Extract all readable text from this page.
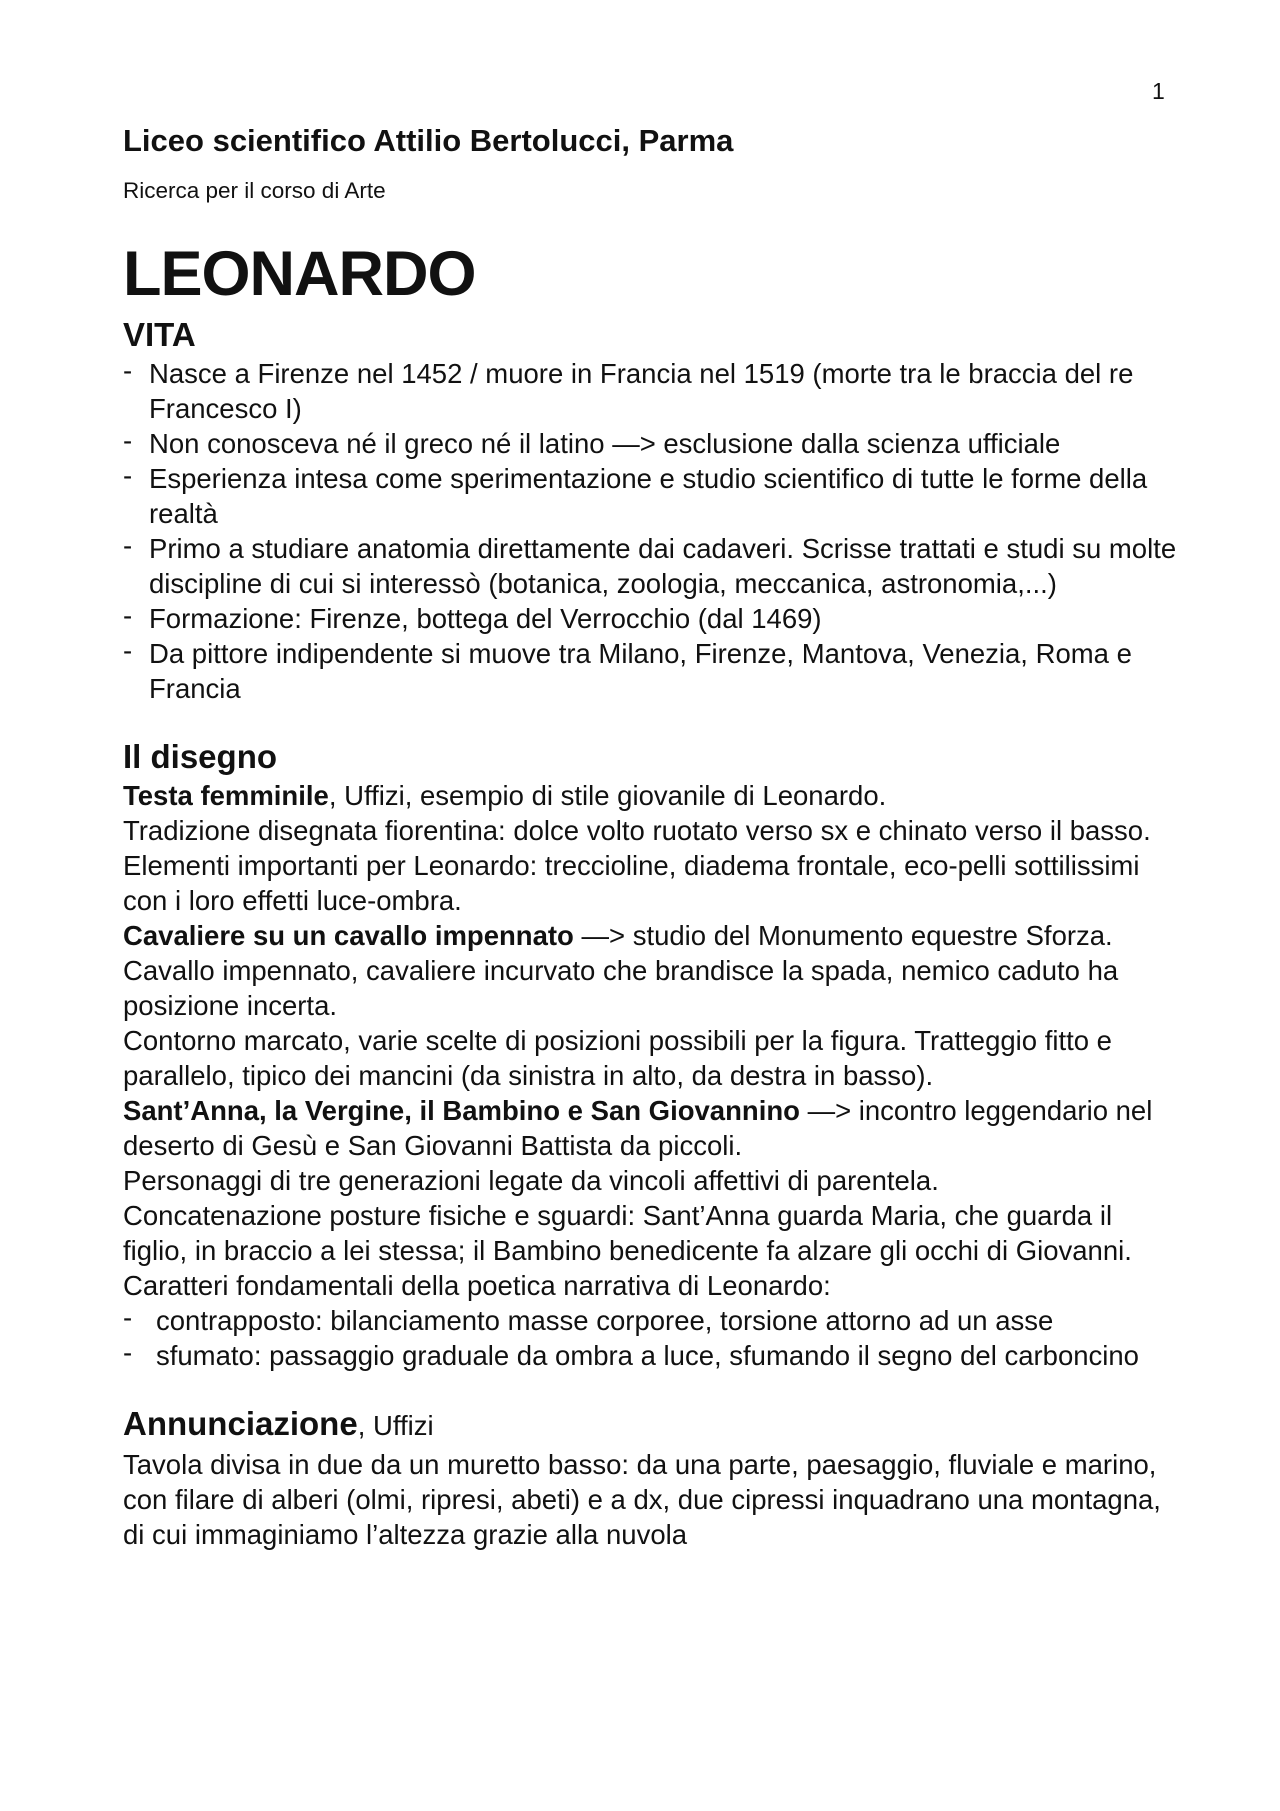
1

Liceo scientifico Attilio Bertolucci, Parma

Ricerca per il corso di Arte

LEONARDO
VITA
- Nasce a Firenze nel 1452 / muore in Francia nel 1519 (morte tra le braccia del re Francesco I)
- Non conosceva né il greco né il latino —> esclusione dalla scienza ufficiale
- Esperienza intesa come sperimentazione e studio scientifico di tutte le forme della realtà
- Primo a studiare anatomia direttamente dai cadaveri. Scrisse trattati e studi su molte discipline di cui si interessò (botanica, zoologia, meccanica, astronomia,...)
- Formazione: Firenze, bottega del Verrocchio (dal 1469)
- Da pittore indipendente si muove tra Milano, Firenze, Mantova, Venezia, Roma e Francia
Il disegno

Testa femminile, Uffizi, esempio di stile giovanile di Leonardo.

Tradizione disegnata fiorentina: dolce volto ruotato verso sx e chinato verso il basso. Elementi importanti per Leonardo: treccioline, diadema frontale, eco-pelli sottilissimi con i loro effetti luce-ombra.

Cavaliere su un cavallo impennato —> studio del Monumento equestre Sforza. Cavallo impennato, cavaliere incurvato che brandisce la spada, nemico caduto ha posizione incerta.

Contorno marcato, varie scelte di posizioni possibili per la figura. Tratteggio fitto e parallelo, tipico dei mancini (da sinistra in alto, da destra in basso).

Sant’Anna, la Vergine, il Bambino e San Giovannino —> incontro leggendario nel deserto di Gesù e San Giovanni Battista da piccoli.

Personaggi di tre generazioni legate da vincoli affettivi di parentela.

Concatenazione posture fisiche e sguardi: Sant’Anna guarda Maria, che guarda il figlio, in braccio a lei stessa; il Bambino benedicente fa alzare gli occhi di Giovanni.

Caratteri fondamentali della poetica narrativa di Leonardo:

- contrapposto: bilanciamento masse corporee, torsione attorno ad un asse
- sfumato: passaggio graduale da ombra a luce, sfumando il segno del carboncino
Annunciazione, Uffizi

Tavola divisa in due da un muretto basso: da una parte, paesaggio, fluviale e marino, con filare di alberi (olmi, ripresi, abeti) e a dx, due cipressi inquadrano una montagna, di cui immaginiamo l’altezza grazie alla nuvola
